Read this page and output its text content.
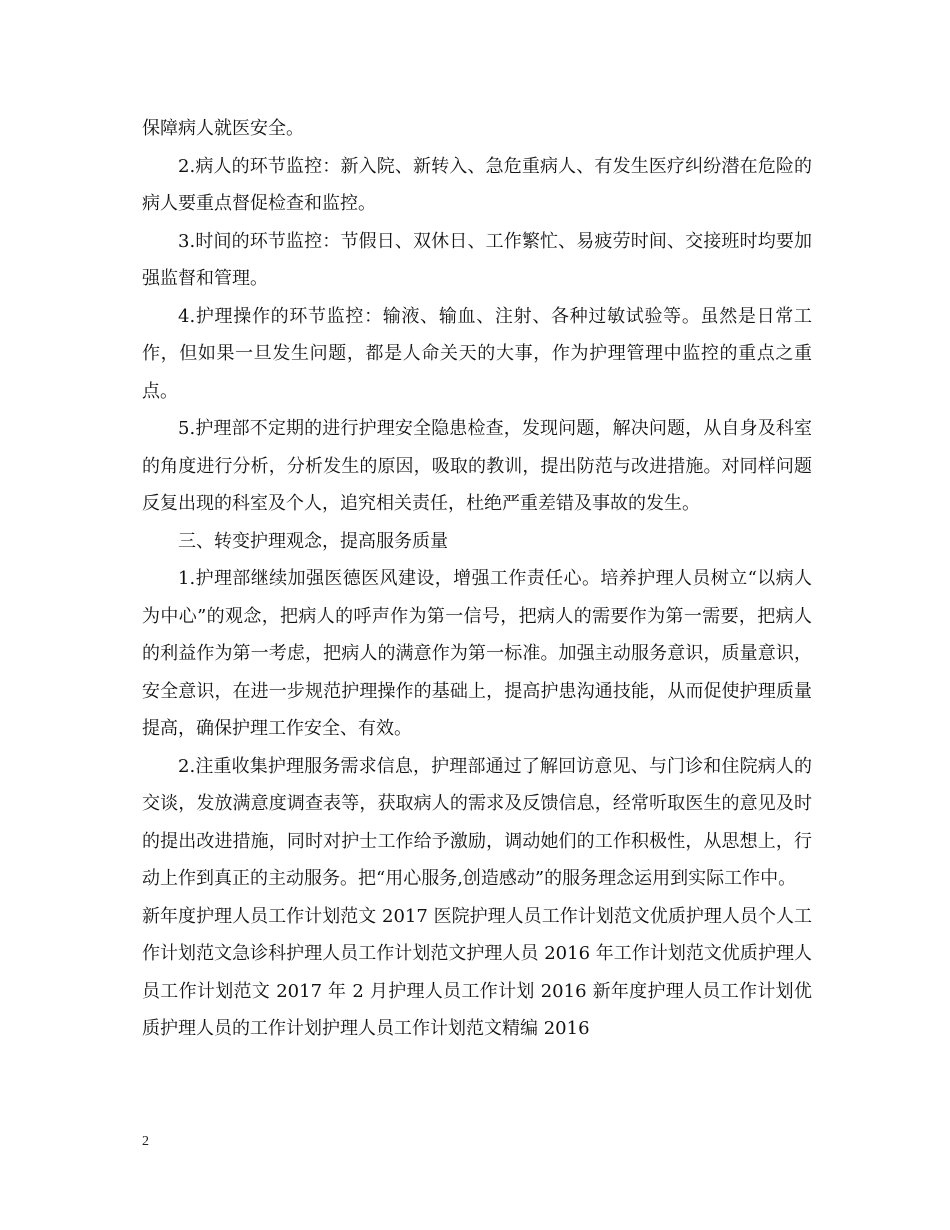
保障病人就医安全。

2.病人的环节监控：新入院、新转入、急危重病人、有发生医疗纠纷潜在危险的病人要重点督促检查和监控。

3.时间的环节监控：节假日、双休日、工作繁忙、易疲劳时间、交接班时均要加强监督和管理。

4.护理操作的环节监控：输液、输血、注射、各种过敏试验等。虽然是日常工作，但如果一旦发生问题，都是人命关天的大事，作为护理管理中监控的重点之重点。

5.护理部不定期的进行护理安全隐患检查，发现问题，解决问题，从自身及科室的角度进行分析，分析发生的原因，吸取的教训，提出防范与改进措施。对同样问题反复出现的科室及个人，追究相关责任，杜绝严重差错及事故的发生。

三、转变护理观念，提高服务质量

1.护理部继续加强医德医风建设，增强工作责任心。培养护理人员树立“以病人为中心”的观念，把病人的呼声作为第一信号，把病人的需要作为第一需要，把病人的利益作为第一考虑，把病人的满意作为第一标准。加强主动服务意识，质量意识，安全意识，在进一步规范护理操作的基础上，提高护患沟通技能，从而促使护理质量提高，确保护理工作安全、有效。

2.注重收集护理服务需求信息，护理部通过了解回访意见、与门诊和住院病人的交谈，发放满意度调查表等，获取病人的需求及反馈信息，经常听取医生的意见及时的提出改进措施，同时对护士工作给予激励，调动她们的工作积极性，从思想上，行动上作到真正的主动服务。把“用心服务,创造感动”的服务理念运用到实际工作中。

新年度护理人员工作计划范文 2017 医院护理人员工作计划范文优质护理人员个人工作计划范文急诊科护理人员工作计划范文护理人员 2016 年工作计划范文优质护理人员工作计划范文 2017 年 2 月护理人员工作计划 2016 新年度护理人员工作计划优质护理人员的工作计划护理人员工作计划范文精编 2016

2
